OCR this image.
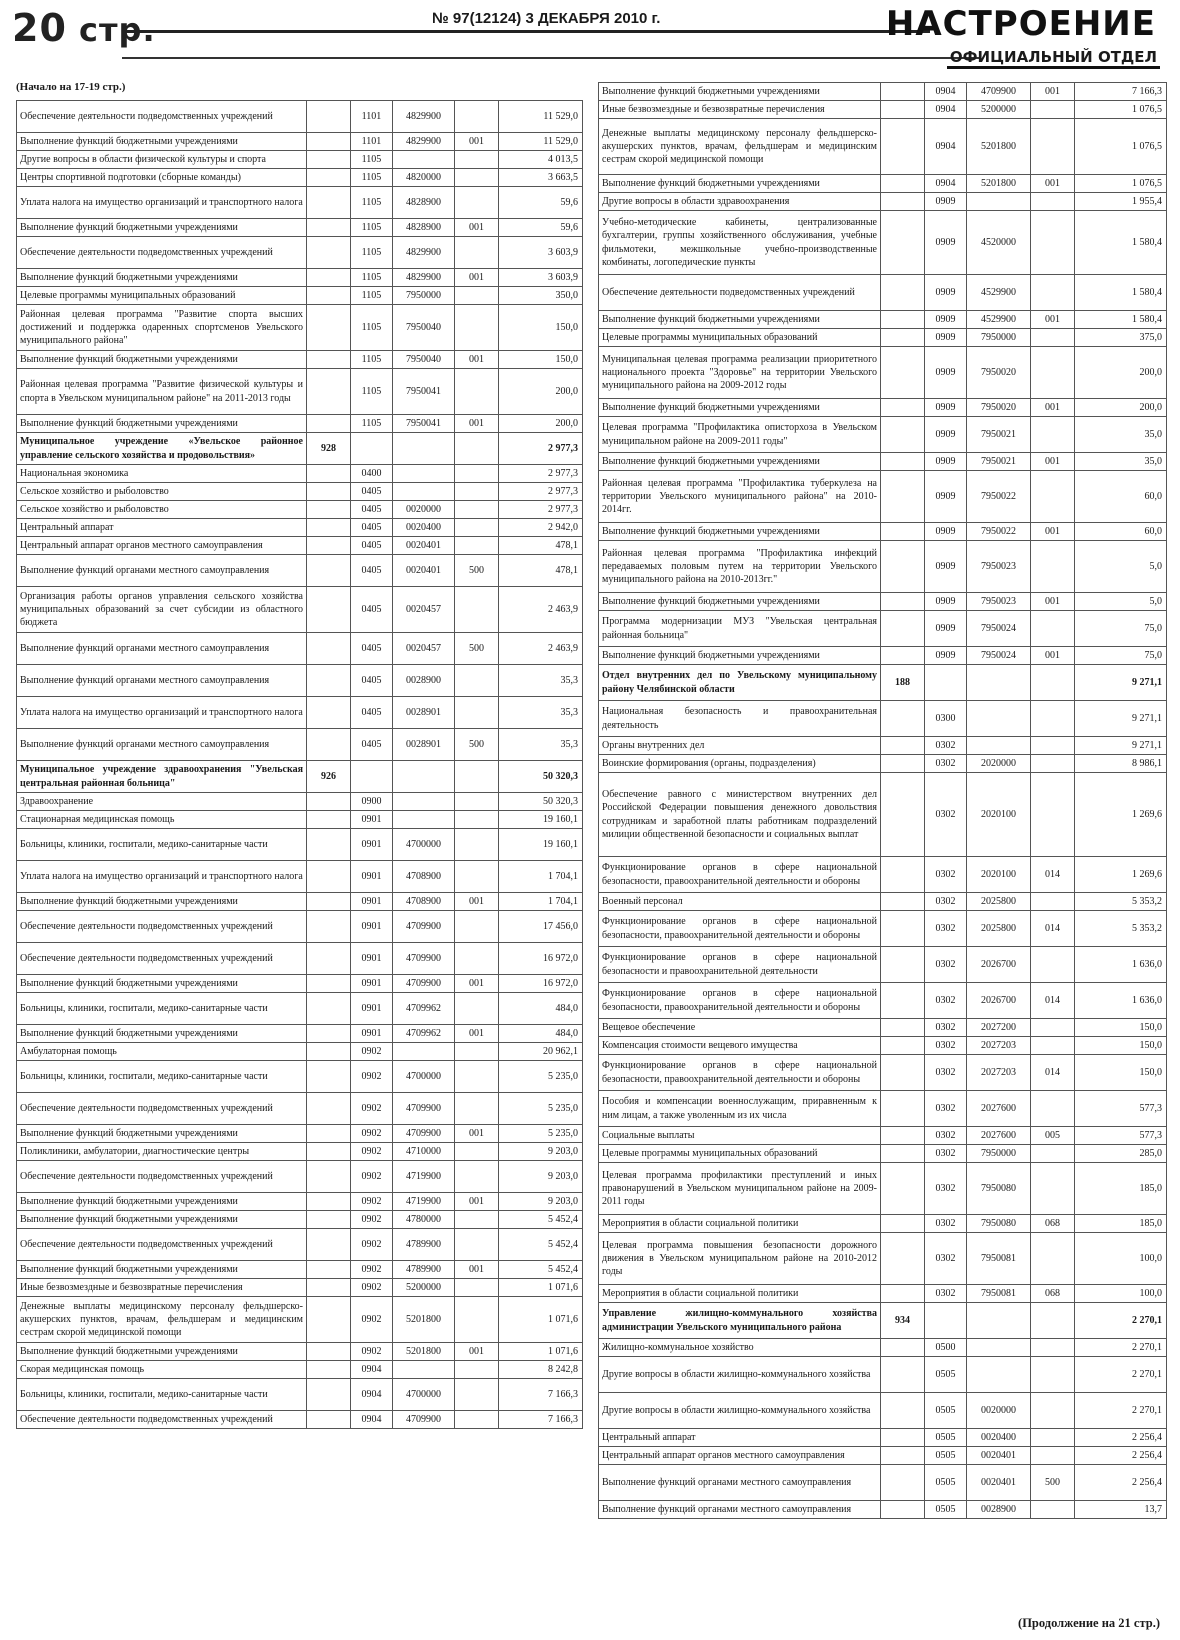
20 стр.	№ 97(12124) 3 ДЕКАБРЯ 2010 г.	НАСТРОЕНИЕ
ОФИЦИАЛЬНЫЙ ОТДЕЛ
(Начало на 17-19 стр.)
Обеспечение деятельности подведомственных учреждений		1101	4829900		11 529,0
Выполнение функций бюджетными учреждениями		1101	4829900	001	11 529,0
Другие вопросы в области физической культуры и спорта		1105			4 013,5
Центры спортивной подготовки (сборные команды)		1105	4820000		3 663,5
Уплата налога на имущество организаций и транспортного налога		1105	4828900		59,6
Выполнение функций бюджетными учреждениями		1105	4828900	001	59,6
Обеспечение деятельности подведомственных учреждений		1105	4829900		3 603,9
Выполнение функций бюджетными учреждениями		1105	4829900	001	3 603,9
Целевые программы муниципальных образований		1105	7950000		350,0
Районная целевая программа "Развитие спорта высших достижений и поддержка одаренных спортсменов Увельского муниципального района"		1105	7950040		150,0
Выполнение функций бюджетными учреждениями		1105	7950040	001	150,0
Районная целевая программа "Развитие физической культуры и спорта в Увельском муниципальном районе" на 2011-2013 годы		1105	7950041		200,0
Выполнение функций бюджетными учреждениями		1105	7950041	001	200,0
Муниципальное учреждение «Увельское районное управление сельского хозяйства и продовольствия»	928				2 977,3
Национальная экономика		0400			2 977,3
Сельское хозяйство и рыболовство		0405			2 977,3
Сельское хозяйство и рыболовство		0405	0020000		2 977,3
Центральный аппарат		0405	0020400		2 942,0
Центральный аппарат органов местного самоуправления		0405	0020401		478,1
Выполнение функций органами местного самоуправления		0405	0020401	500	478,1
Организация работы органов управления сельского хозяйства муниципальных образований за счет субсидии из областного бюджета		0405	0020457		2 463,9
Выполнение функций органами местного самоуправления		0405	0020457	500	2 463,9
Выполнение функций органами местного самоуправления		0405	0028900		35,3
Уплата налога на имущество организаций и транспортного налога		0405	0028901		35,3
Выполнение функций органами местного самоуправления		0405	0028901	500	35,3
Муниципальное учреждение здравоохранения "Увельская центральная районная больница"	926				50 320,3
Здравоохранение		0900			50 320,3
Стационарная медицинская помощь		0901			19 160,1
Больницы, клиники, госпитали, медико-санитарные части		0901	4700000		19 160,1
Уплата налога на имущество организаций и транспортного налога		0901	4708900		1 704,1
Выполнение функций бюджетными учреждениями		0901	4708900	001	1 704,1
Обеспечение деятельности подведомственных учреждений		0901	4709900		17 456,0
Обеспечение деятельности подведомственных учреждений		0901	4709900		16 972,0
Выполнение функций бюджетными учреждениями		0901	4709900	001	16 972,0
Больницы, клиники, госпитали, медико-санитарные части		0901	4709962		484,0
Выполнение функций бюджетными учреждениями		0901	4709962	001	484,0
Амбулаторная помощь		0902			20 962,1
Больницы, клиники, госпитали, медико-санитарные части		0902	4700000		5 235,0
Обеспечение деятельности подведомственных учреждений		0902	4709900		5 235,0
Выполнение функций бюджетными учреждениями		0902	4709900	001	5 235,0
Поликлиники, амбулатории, диагностические центры		0902	4710000		9 203,0
Обеспечение деятельности подведомственных учреждений		0902	4719900		9 203,0
Выполнение функций бюджетными учреждениями		0902	4719900	001	9 203,0
Выполнение функций бюджетными учреждениями		0902	4780000		5 452,4
Обеспечение деятельности подведомственных учреждений		0902	4789900		5 452,4
Выполнение функций бюджетными учреждениями		0902	4789900	001	5 452,4
Иные безвозмездные и безвозвратные перечисления		0902	5200000		1 071,6
Денежные выплаты медицинскому персоналу фельдшерско-акушерских пунктов, врачам, фельдшерам и медицинским сестрам скорой медицинской помощи		0902	5201800		1 071,6
Выполнение функций бюджетными учреждениями		0902	5201800	001	1 071,6
Скорая медицинская помощь		0904			8 242,8
Больницы, клиники, госпитали, медико-санитарные части		0904	4700000		7 166,3
Обеспечение деятельности подведомственных учреждений		0904	4709900		7 166,3
Выполнение функций бюджетными учреждениями		0904	4709900	001	7 166,3
Иные безвозмездные и безвозвратные перечисления		0904	5200000		1 076,5
Денежные выплаты медицинскому персоналу фельдшерско-акушерских пунктов, врачам, фельдшерам и медицинским сестрам скорой медицинской помощи		0904	5201800		1 076,5
Выполнение функций бюджетными учреждениями		0904	5201800	001	1 076,5
Другие вопросы в области здравоохранения		0909			1 955,4
Учебно-методические кабинеты, централизованные бухгалтерии, группы хозяйственного обслуживания, учебные фильмотеки, межшкольные учебно-производственные комбинаты, логопедические пункты		0909	4520000		1 580,4
Обеспечение деятельности подведомственных учреждений		0909	4529900		1 580,4
Выполнение функций бюджетными учреждениями		0909	4529900	001	1 580,4
Целевые программы муниципальных образований		0909	7950000		375,0
Муниципальная целевая программа реализации приоритетного национального проекта "Здоровье" на территории Увельского муниципального района на 2009-2012 годы		0909	7950020		200,0
Выполнение функций бюджетными учреждениями		0909	7950020	001	200,0
Целевая программа "Профилактика описторхоза в Увельском муниципальном районе на 2009-2011 годы"		0909	7950021		35,0
Выполнение функций бюджетными учреждениями		0909	7950021	001	35,0
Районная целевая программа "Профилактика туберкулеза на территории Увельского муниципального района" на 2010-2014гг.		0909	7950022		60,0
Выполнение функций бюджетными учреждениями		0909	7950022	001	60,0
Районная целевая программа "Профилактика инфекций передаваемых половым путем на территории Увельского муниципального района на 2010-2013гг."		0909	7950023		5,0
Выполнение функций бюджетными учреждениями		0909	7950023	001	5,0
Программа модернизации МУЗ "Увельская центральная районная больница"		0909	7950024		75,0
Выполнение функций бюджетными учреждениями		0909	7950024	001	75,0
Отдел внутренних дел по Увельскому муниципальному району Челябинской области	188				9 271,1
Национальная безопасность и правоохранительная деятельность		0300			9 271,1
Органы внутренних дел		0302			9 271,1
Воинские формирования (органы, подразделения)		0302	2020000		8 986,1
Обеспечение равного с министерством внутренних дел Российской Федерации повышения денежного довольствия сотрудникам и заработной платы работникам подразделений милиции общественной безопасности и социальных выплат		0302	2020100		1 269,6
Функционирование органов в сфере национальной безопасности, правоохранительной деятельности и обороны		0302	2020100	014	1 269,6
Военный персонал		0302	2025800		5 353,2
Функционирование органов в сфере национальной безопасности, правоохранительной деятельности и обороны		0302	2025800	014	5 353,2
Функционирование органов в сфере национальной безопасности и правоохранительной деятельности		0302	2026700		1 636,0
Функционирование органов в сфере национальной безопасности, правоохранительной деятельности и обороны		0302	2026700	014	1 636,0
Вещевое обеспечение		0302	2027200		150,0
Компенсация стоимости вещевого имущества		0302	2027203		150,0
Функционирование органов в сфере национальной безопасности, правоохранительной деятельности и обороны		0302	2027203	014	150,0
Пособия и компенсации военнослужащим, приравненным к ним лицам, а также уволенным из их числа		0302	2027600		577,3
Социальные выплаты		0302	2027600	005	577,3
Целевые программы муниципальных образований		0302	7950000		285,0
Целевая программа профилактики преступлений и иных правонарушений в Увельском муниципальном районе на 2009-2011 годы		0302	7950080		185,0
Мероприятия в области социальной политики		0302	7950080	068	185,0
Целевая программа повышения безопасности дорожного движения в Увельском муниципальном районе на 2010-2012 годы		0302	7950081		100,0
Мероприятия в области социальной политики		0302	7950081	068	100,0
Управление жилищно-коммунального хозяйства администрации Увельского муниципального района	934				2 270,1
Жилищно-коммунальное хозяйство		0500			2 270,1
Другие вопросы в области жилищно-коммунального хозяйства		0505			2 270,1
Другие вопросы в области жилищно-коммунального хозяйства		0505	0020000		2 270,1
Центральный аппарат		0505	0020400		2 256,4
Центральный аппарат органов местного самоуправления		0505	0020401		2 256,4
Выполнение функций органами местного самоуправления		0505	0020401	500	2 256,4
Выполнение функций органами местного самоуправления		0505	0028900		13,7
(Продолжение на 21 стр.)
